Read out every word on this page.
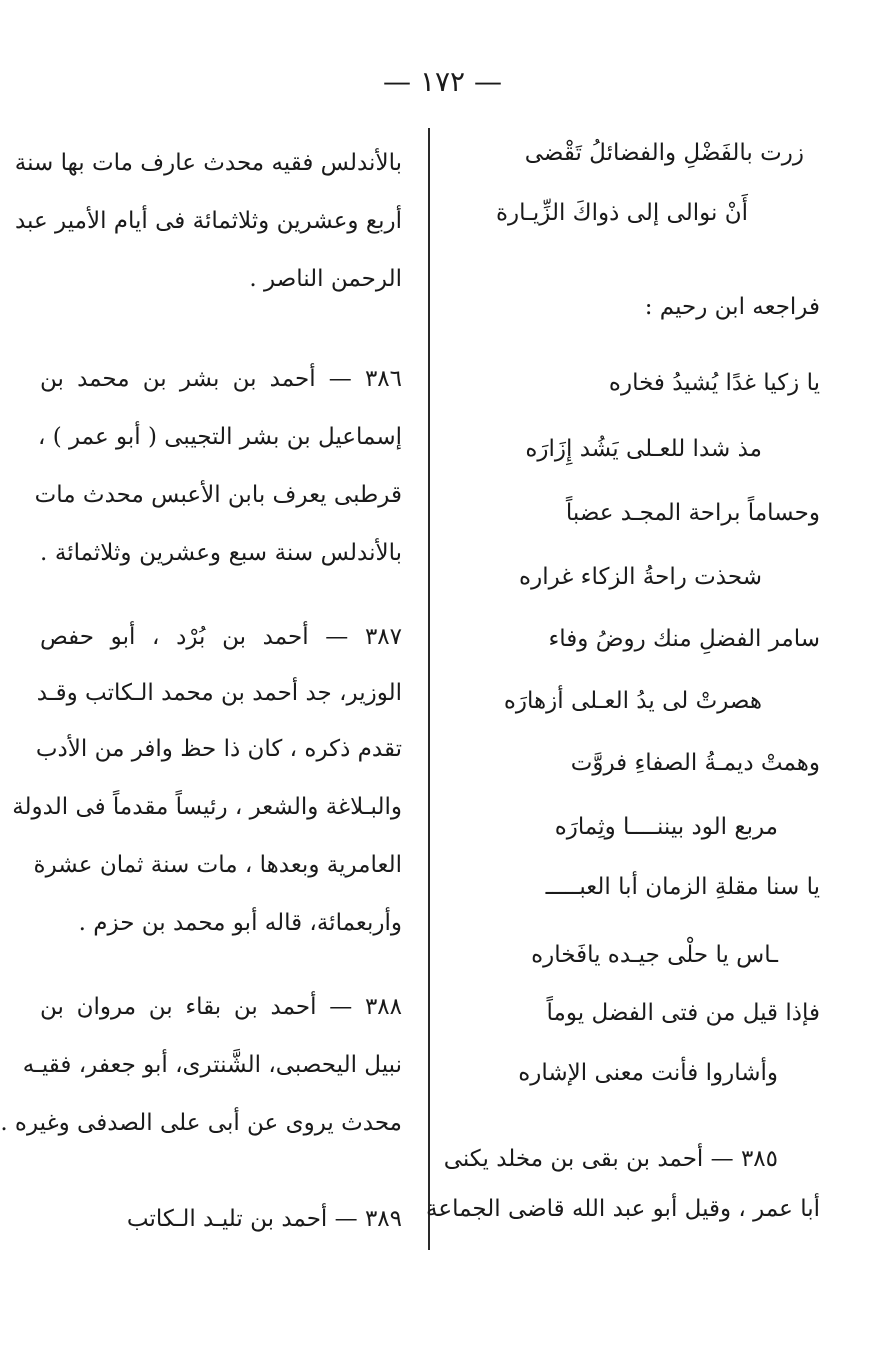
— ١٧٢ —
زرت بالفَضْلِ والفضائلُ تَقْضى
أَنْ نوالى إلى ذواكَ الزِّيـارة
فراجعه ابن رحيم :
يا زكيا غدًا يُشيدُ فخاره
مذ شدا للعـلى يَشُد إِزَارَه
وحساماً براحة المجـد عضباً
شحذت راحةُ الزكاء غراره
سامر الفضلِ منك روضُ وفاء
هصرتْ لى يدُ العـلى أزهارَه
وهمتْ ديمـةُ الصفاءِ فروَّت
مربع الود بيننــــا وثِمارَه
يا سنا مقلةِ الزمان أبا العبـــــ
ـاس يا حلْى جيـده يافَخاره
فإذا قيل من فتى الفضل يوماً
وأشاروا فأنت معنى الإشاره
٣٨٥ — أحمد بن بقى بن مخلد يكنى
أبا عمر ، وقيل أبو عبد الله قاضى الجماعة
بالأندلس فقيه محدث عارف مات بها سنة
أربع وعشرين وثلاثمائة فى أيام الأمير عبد
الرحمن الناصر .
٣٨٦ — أحمد بن بشر بن محمد بن
إسماعيل بن بشر التجيبى ( أبو عمر ) ،
قرطبى يعرف بابن الأعبس محدث مات
بالأندلس سنة سبع وعشرين وثلاثمائة .
٣٨٧ — أحمد بن بُرْد ، أبو حفص
الوزير، جد أحمد بن محمد الـكاتب وقـد
تقدم ذكره ، كان ذا حظ وافر من الأدب
والبـلاغة والشعر ، رئيساً مقدماً فى الدولة
العامرية وبعدها ، مات سنة ثمان عشرة
وأربعمائة، قاله أبو محمد بن حزم .
٣٨٨ — أحمد بن بقاء بن مروان بن
نبيل اليحصبى، الشَّنترى، أبو جعفر، فقيـه
محدث يروى عن أبى على الصدفى وغيره .
٣٨٩ — أحمد بن تليـد الـكاتب
